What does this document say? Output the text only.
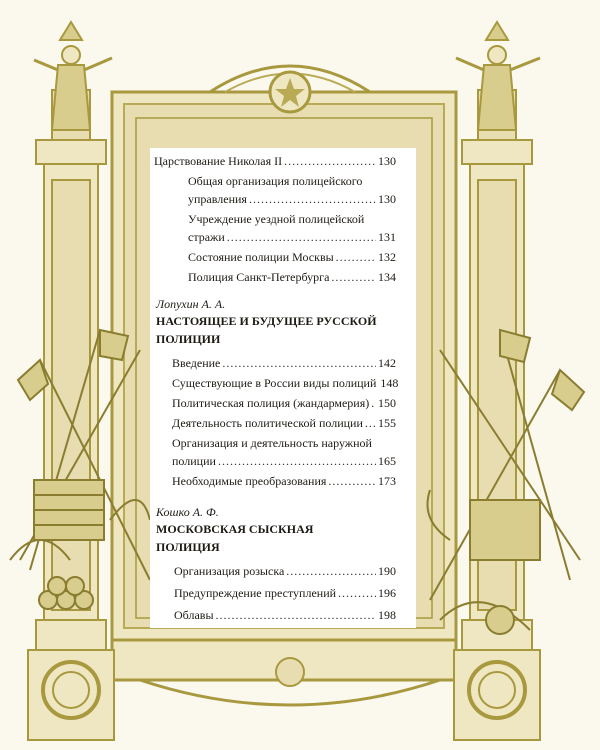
Царствование Николая II .....	130
Общая организация полицейского
управления .....	130
Учреждение уездной полицейской
стражи .....	131
Состояние полиции Москвы .....	132
Полиция Санкт-Петербурга .....	134
Лопухин А. А.
НАСТОЯЩЕЕ И БУДУЩЕЕ РУССКОЙ
ПОЛИЦИИ
Введение .....	142
Существующие в России виды полиций 148
Политическая полиция (жандармерия) ..... 150
Деятельность политической полиции ..... 155
Организация и деятельность наружной
полиции .....	165
Необходимые преобразования .....	173
Кошко А. Ф.
МОСКОВСКАЯ СЫСКНАЯ
ПОЛИЦИЯ
Организация розыска .....	190
Предупреждение преступлений .....	196
Облавы .....	198
